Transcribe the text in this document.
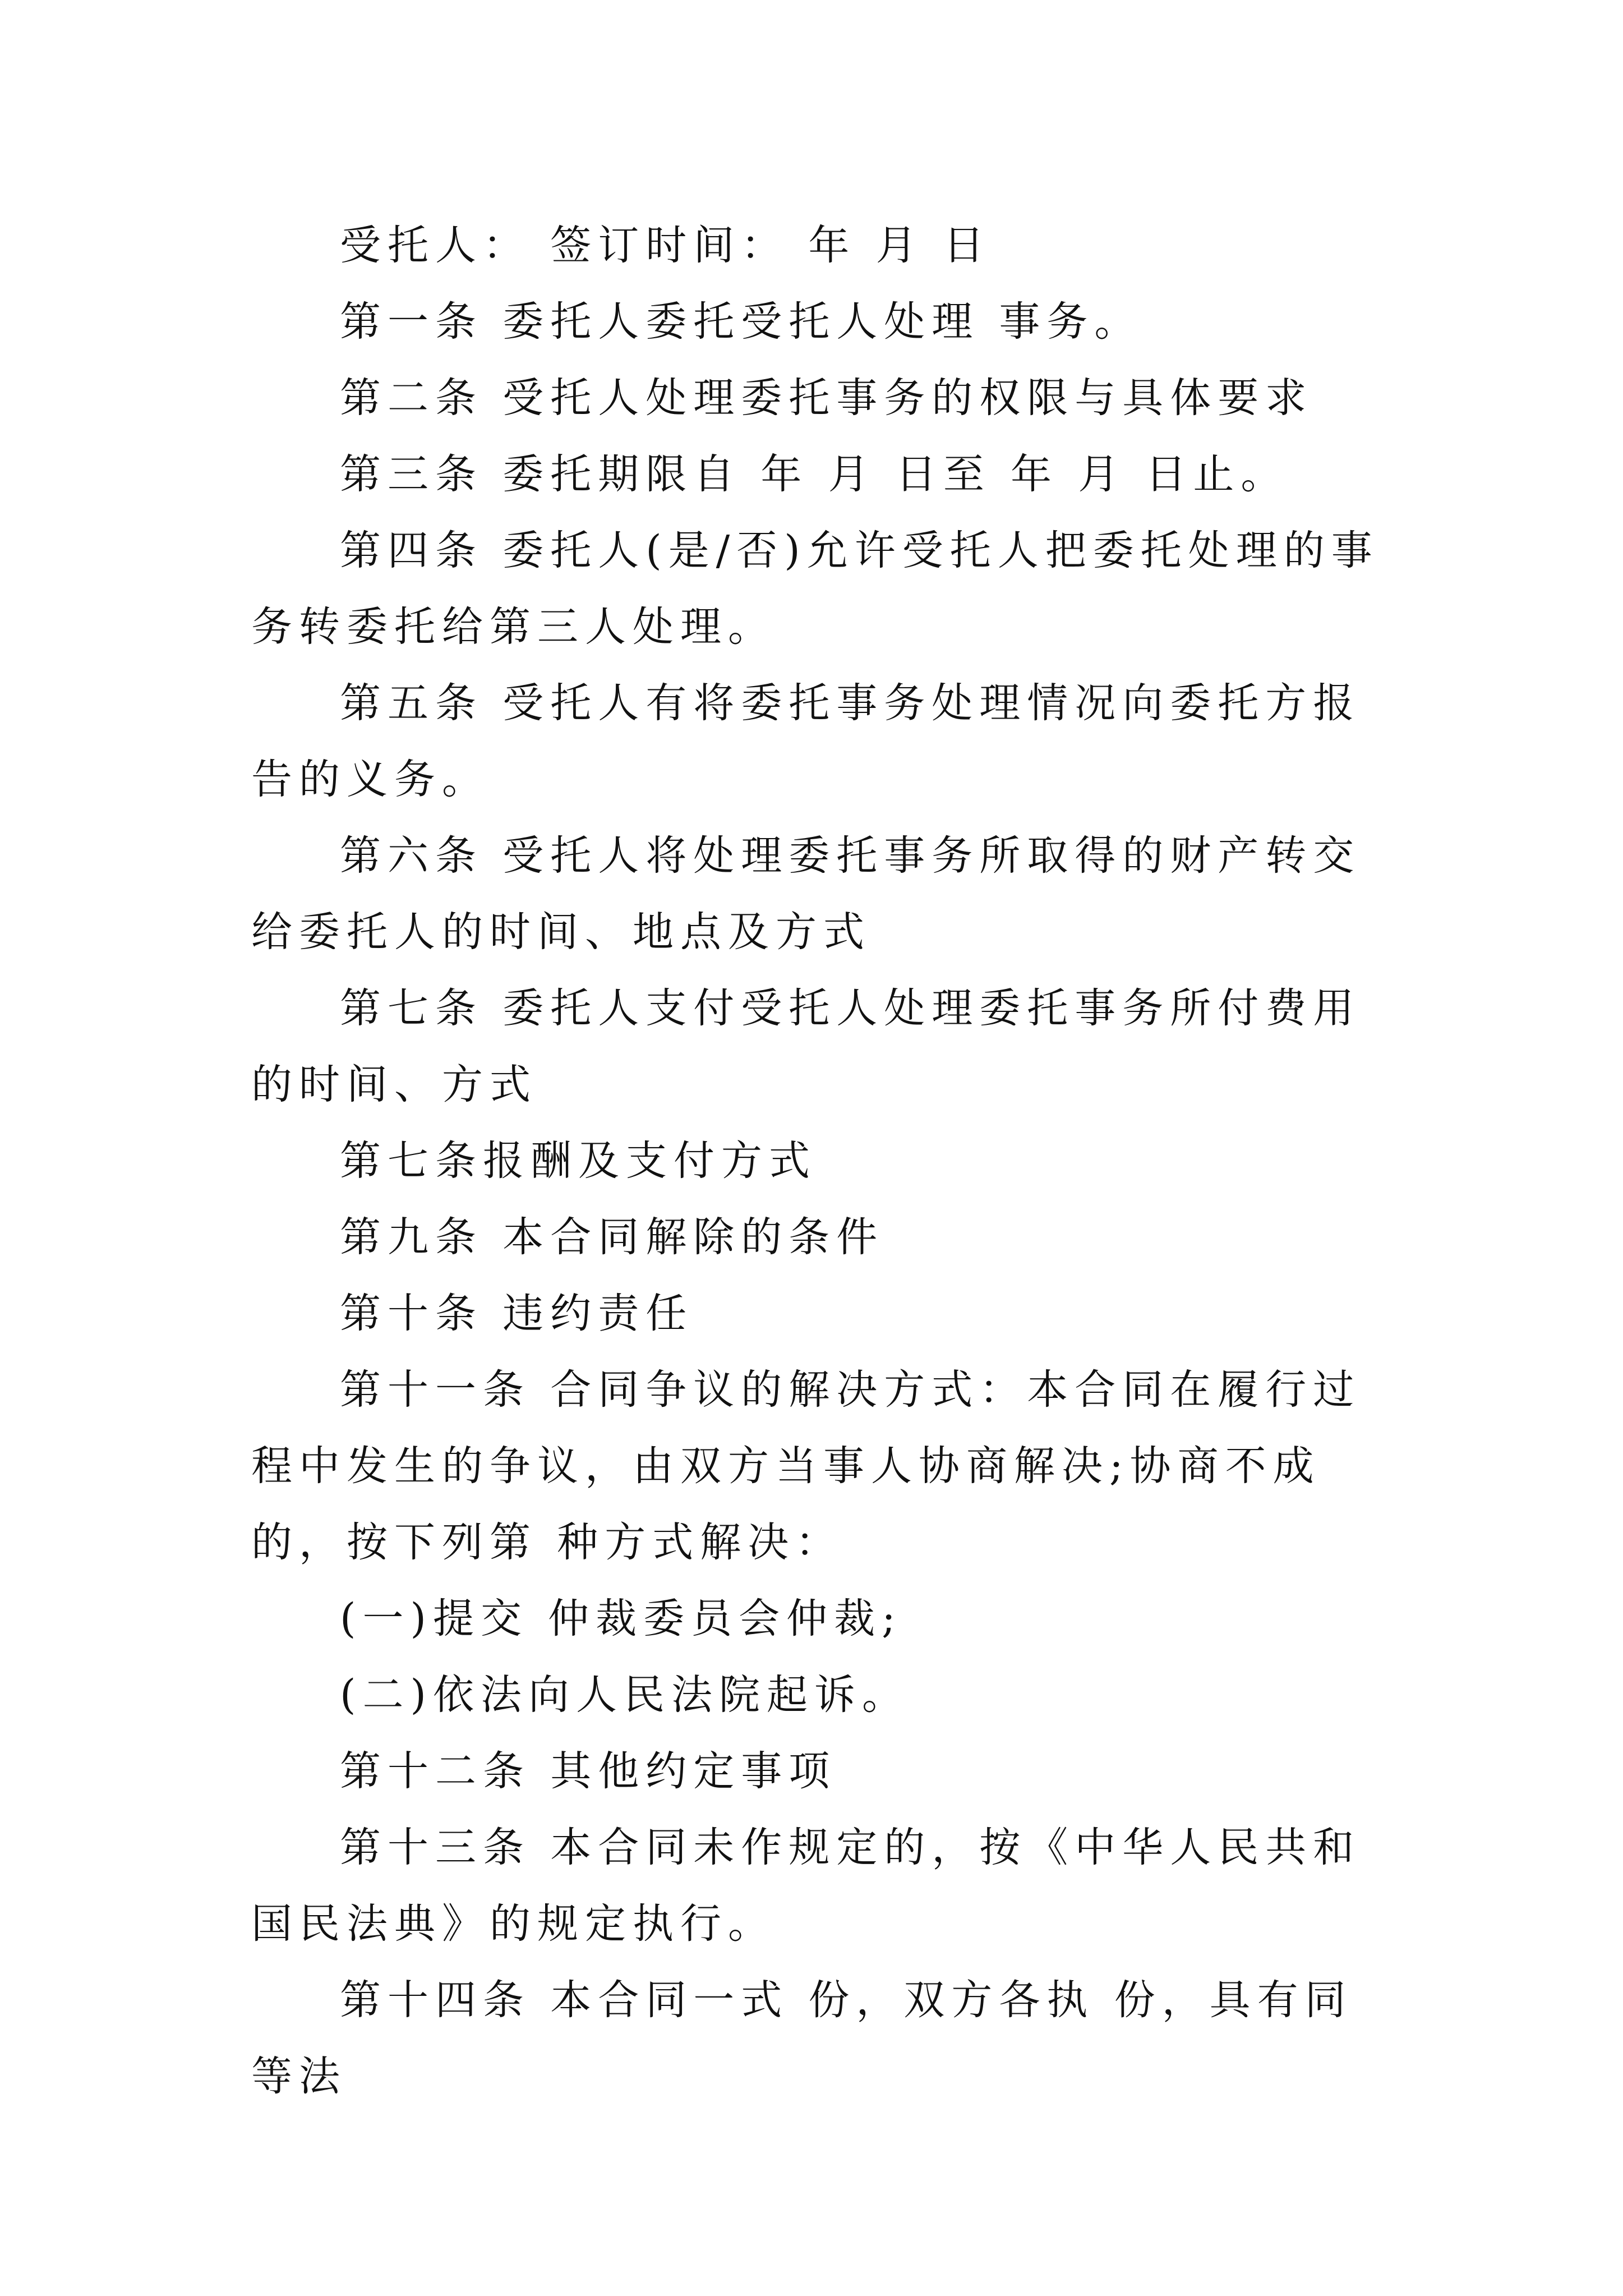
受托人： 签订时间： 年 月 日

第一条 委托人委托受托人处理 事务。

第二条 受托人处理委托事务的权限与具体要求

第三条 委托期限自 年 月 日至 年 月 日止。

第四条 委托人(是/否)允许受托人把委托处理的事务转委托给第三人处理。

第五条 受托人有将委托事务处理情况向委托方报告的义务。

第六条 受托人将处理委托事务所取得的财产转交给委托人的时间、地点及方式

第七条 委托人支付受托人处理委托事务所付费用的时间、方式

第七条报酬及支付方式

第九条 本合同解除的条件

第十条 违约责任

第十一条 合同争议的解决方式：本合同在履行过程中发生的争议，由双方当事人协商解决;协商不成的，按下列第 种方式解决：

(一)提交 仲裁委员会仲裁;

(二)依法向人民法院起诉。

第十二条 其他约定事项

第十三条 本合同未作规定的，按《中华人民共和国民法典》的规定执行。

第十四条 本合同一式 份，双方各执 份，具有同等法
